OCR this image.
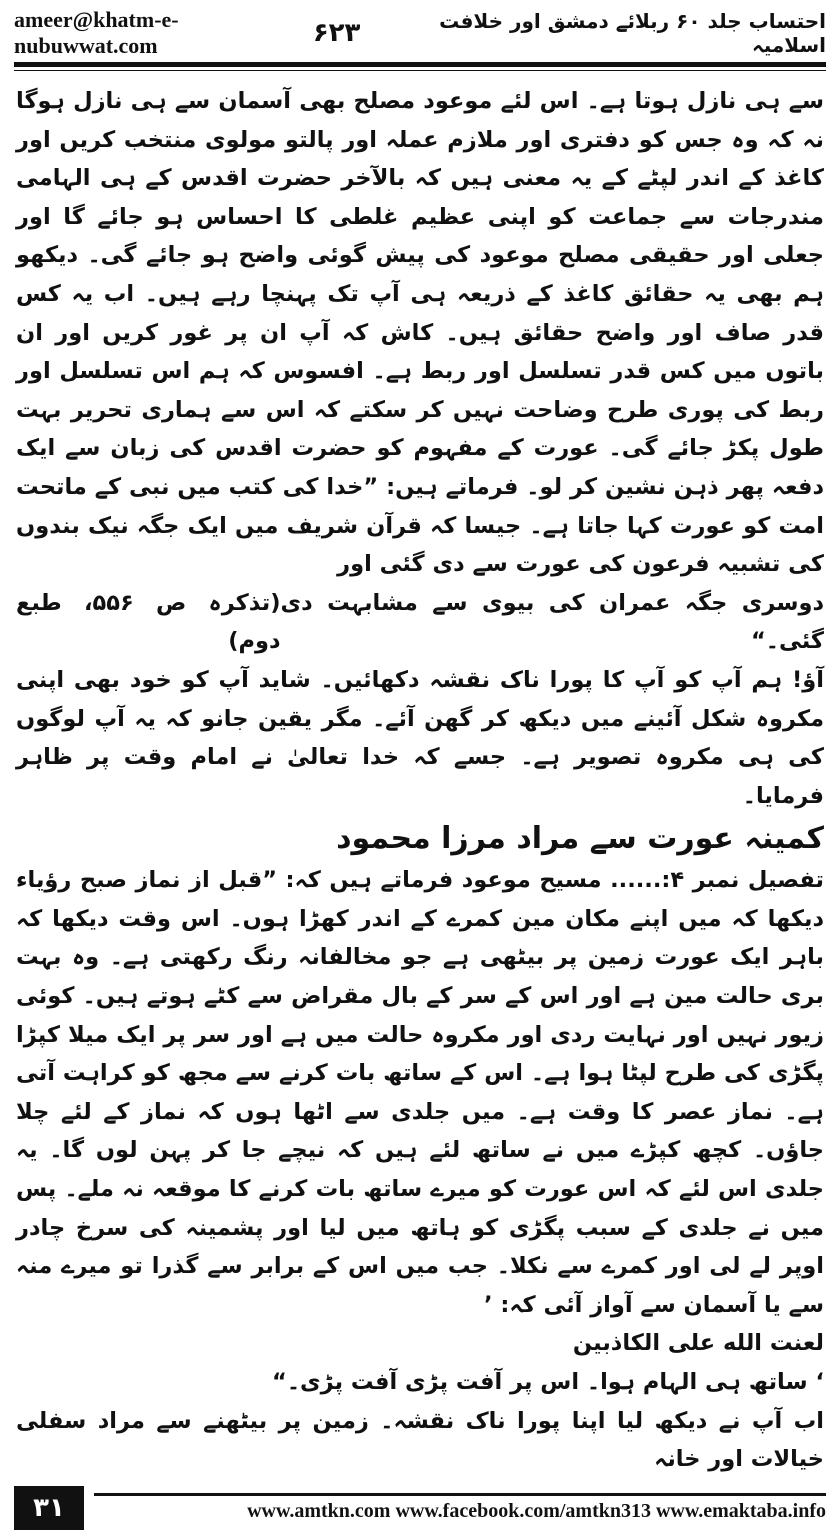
ameer@khatm-e-nubuwwat.com
احتساب جلد ۶۰ ربلائے دمشق اور خلافت اسلامیہ
۶۲۳

سے ہی نازل ہوتا ہے۔ اس لئے موعود مصلح بھی آسمان سے ہی نازل ہوگا نہ کہ وہ جس کو دفتری اور ملازم عملہ اور پالتو مولوی منتخب کریں اور کاغذ کے اندر لپٹے کے یہ معنی ہیں کہ بالآخر حضرت اقدس کے ہی الہامی مندرجات سے جماعت کو اپنی عظیم غلطی کا احساس ہو جائے گا اور جعلی اور حقیقی مصلح موعود کی پیش گوئی واضح ہو جائے گی۔ دیکھو ہم بھی یہ حقائق کاغذ کے ذریعہ ہی آپ تک پہنچا رہے ہیں۔ اب یہ کس قدر صاف اور واضح حقائق ہیں۔ کاش کہ آپ ان پر غور کریں اور ان باتوں میں کس قدر تسلسل اور ربط ہے۔ افسوس کہ ہم اس تسلسل اور ربط کی پوری طرح وضاحت نہیں کر سکتے کہ اس سے ہماری تحریر بہت طول پکڑ جائے گی۔ عورت کے مفہوم کو حضرت اقدس کی زبان سے ایک دفعہ پھر ذہن نشین کر لو۔ فرماتے ہیں: ”خدا کی کتب میں نبی کے ماتحت امت کو عورت کہا جاتا ہے۔ جیسا کہ قرآن شریف میں ایک جگہ نیک بندوں کی تشبیہ فرعون کی عورت سے دی گئی اور

دوسری جگہ عمران کی بیوی سے مشابہت دی گئی۔“
(تذکرہ ص ۵۵۶، طبع دوم)

آؤ! ہم آپ کو آپ کا پورا ناک نقشہ دکھائیں۔ شاید آپ کو خود بھی اپنی مکروہ شکل آئینے میں دیکھ کر گھن آئے۔ مگر یقین جانو کہ یہ آپ لوگوں کی ہی مکروہ تصویر ہے۔ جسے کہ خدا تعالیٰ نے امام وقت پر ظاہر فرمایا۔

کمینہ عورت سے مراد مرزا محمود

تفصیل نمبر ۴:...... مسیح موعود فرماتے ہیں کہ: ”قبل از نماز صبح رؤیاء دیکھا کہ میں اپنے مکان مین کمرے کے اندر کھڑا ہوں۔ اس وقت دیکھا کہ باہر ایک عورت زمین پر بیٹھی ہے جو مخالفانہ رنگ رکھتی ہے۔ وہ بہت بری حالت مین ہے اور اس کے سر کے بال مقراض سے کٹے ہوتے ہیں۔ کوئی زیور نہیں اور نہایت ردی اور مکروہ حالت میں ہے اور سر پر ایک میلا کپڑا پگڑی کی طرح لپٹا ہوا ہے۔ اس کے ساتھ بات کرنے سے مجھ کو کراہت آتی ہے۔ نماز عصر کا وقت ہے۔ میں جلدی سے اٹھا ہوں کہ نماز کے لئے چلا جاؤں۔ کچھ کپڑے میں نے ساتھ لئے ہیں کہ نیچے جا کر پہن لوں گا۔ یہ جلدی اس لئے کہ اس عورت کو میرے ساتھ بات کرنے کا موقعہ نہ ملے۔ پس میں نے جلدی کے سبب پگڑی کو ہاتھ میں لیا اور پشمینہ کی سرخ چادر اوپر لے لی اور کمرے سے نکلا۔ جب میں اس کے برابر سے گذرا تو میرے منہ سے یا آسمان سے آواز آئی کہ: ’
لعنت الله علی الکاذبین
‘ ساتھ ہی الہام ہوا۔ اس پر آفت پڑی آفت پڑی۔“

اب آپ نے دیکھ لیا اپنا پورا ناک نقشہ۔ زمین پر بیٹھنے سے مراد سفلی خیالات اور خانہ

۳۱	www.amtkn.com www.facebook.com/amtkn313 www.emaktaba.info
